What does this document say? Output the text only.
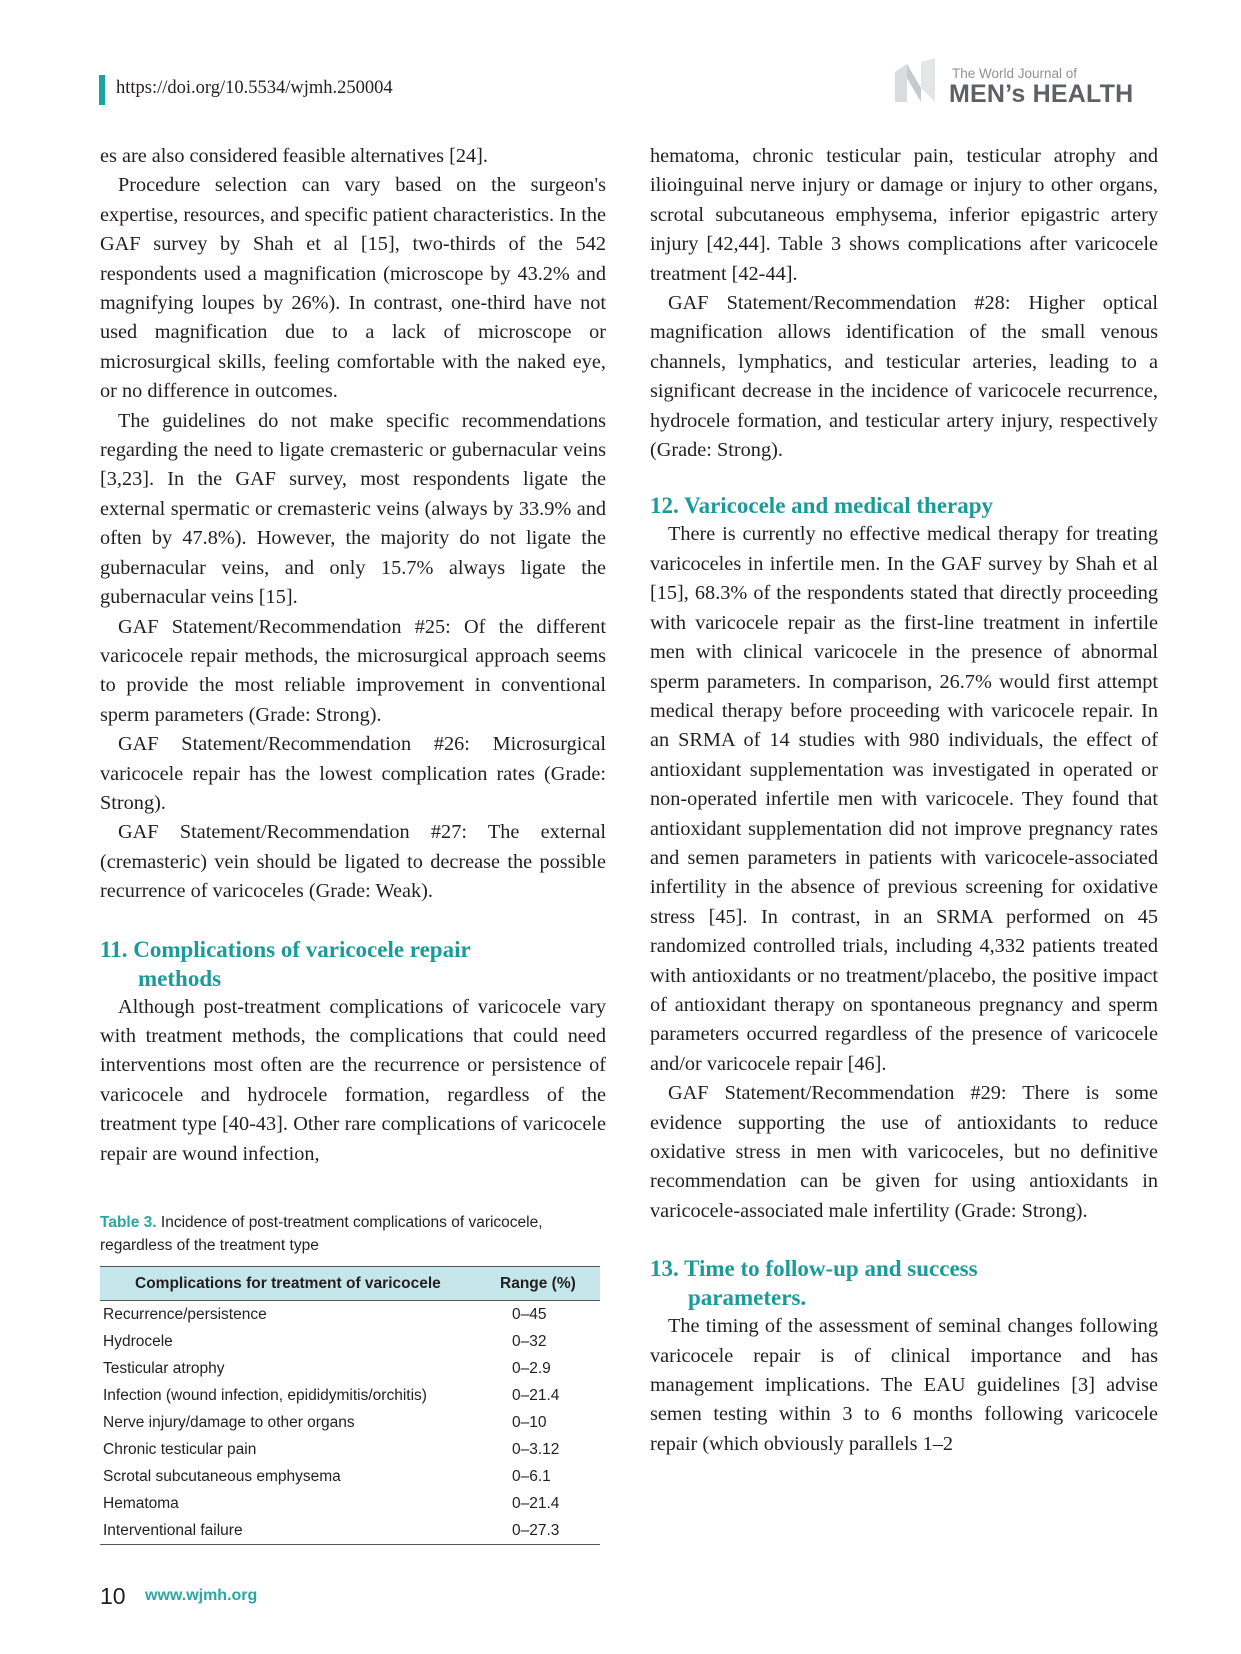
https://doi.org/10.5534/wjmh.250004
The World Journal of
MEN’s HEALTH

es are also considered feasible alternatives [24].

Procedure selection can vary based on the surgeon's expertise, resources, and specific patient characteristics. In the GAF survey by Shah et al [15], two-thirds of the 542 respondents used a magnification (microscope by 43.2% and magnifying loupes by 26%). In contrast, one-third have not used magnification due to a lack of microscope or microsurgical skills, feeling comfortable with the naked eye, or no difference in outcomes.

The guidelines do not make specific recommendations regarding the need to ligate cremasteric or gubernacular veins [3,23]. In the GAF survey, most respondents ligate the external spermatic or cremasteric veins (always by 33.9% and often by 47.8%). However, the majority do not ligate the gubernacular veins, and only 15.7% always ligate the gubernacular veins [15].

GAF Statement/Recommendation #25: Of the different varicocele repair methods, the microsurgical approach seems to provide the most reliable improvement in conventional sperm parameters (Grade: Strong).

GAF Statement/Recommendation #26: Microsurgical varicocele repair has the lowest complication rates (Grade: Strong).

GAF Statement/Recommendation #27: The external (cremasteric) vein should be ligated to decrease the possible recurrence of varicoceles (Grade: Weak).

11. Complications of varicocele repair
methods

Although post-treatment complications of varicocele vary with treatment methods, the complications that could need interventions most often are the recurrence or persistence of varicocele and hydrocele formation, regardless of the treatment type [40-43]. Other rare complications of varicocele repair are wound infection,

Table 3. Incidence of post-treatment complications of varicocele, regardless of the treatment type
Complications for treatment of varicocele	Range (%)
Recurrence/persistence	0–45
Hydrocele	0–32
Testicular atrophy	0–2.9
Infection (wound infection, epididymitis/orchitis)	0–21.4
Nerve injury/damage to other organs	0–10
Chronic testicular pain	0–3.12
Scrotal subcutaneous emphysema	0–6.1
Hematoma	0–21.4
Interventional failure	0–27.3

hematoma, chronic testicular pain, testicular atrophy and ilioinguinal nerve injury or damage or injury to other organs, scrotal subcutaneous emphysema, inferior epigastric artery injury [42,44]. Table 3 shows complications after varicocele treatment [42-44].

GAF Statement/Recommendation #28: Higher optical magnification allows identification of the small venous channels, lymphatics, and testicular arteries, leading to a significant decrease in the incidence of varicocele recurrence, hydrocele formation, and testicular artery injury, respectively (Grade: Strong).

12. Varicocele and medical therapy

There is currently no effective medical therapy for treating varicoceles in infertile men. In the GAF survey by Shah et al [15], 68.3% of the respondents stated that directly proceeding with varicocele repair as the first-line treatment in infertile men with clinical varicocele in the presence of abnormal sperm parameters. In comparison, 26.7% would first attempt medical therapy before proceeding with varicocele repair. In an SRMA of 14 studies with 980 individuals, the effect of antioxidant supplementation was investigated in operated or non-operated infertile men with varicocele. They found that antioxidant supplementation did not improve pregnancy rates and semen parameters in patients with varicocele-associated infertility in the absence of previous screening for oxidative stress [45]. In contrast, in an SRMA performed on 45 randomized controlled trials, including 4,332 patients treated with antioxidants or no treatment/placebo, the positive impact of antioxidant therapy on spontaneous pregnancy and sperm parameters occurred regardless of the presence of varicocele and/or varicocele repair [46].

GAF Statement/Recommendation #29: There is some evidence supporting the use of antioxidants to reduce oxidative stress in men with varicoceles, but no definitive recommendation can be given for using antioxidants in varicocele-associated male infertility (Grade: Strong).

13. Time to follow-up and success
parameters.

The timing of the assessment of seminal changes following varicocele repair is of clinical importance and has management implications. The EAU guidelines [3] advise semen testing within 3 to 6 months following varicocele repair (which obviously parallels 1–2

10 www.wjmh.org
